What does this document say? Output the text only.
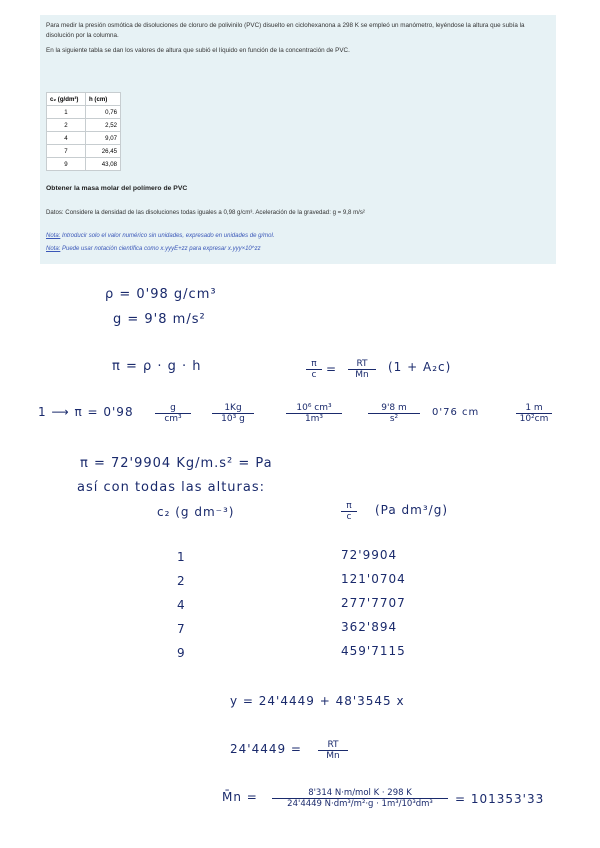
Para medir la presión osmótica de disoluciones de cloruro de polivinilo (PVC) disuelto en ciclohexanona a 298 K se empleó un manómetro, leyéndose la altura que subía la disolución por la columna.

En la siguiente tabla se dan los valores de altura que subió el líquido en función de la concentración de PVC.

c₂ (g/dm³)	h (cm)
1	0,76
2	2,52
4	9,07
7	26,45
9	43,08
Obtener la masa molar del polímero de PVC
Datos: Considere la densidad de las disoluciones todas iguales a 0,98 g/cm³. Aceleración de la gravedad: g = 9,8 m/s²
Nota: Introducir solo el valor numérico sin unidades, expresado en unidades de g/mol.
Nota: Puede usar notación científica como x.yyyE+zz para expresar x.yyy×10^zz
ρ = 0'98 g/cm³
g = 9'8 m/s²
π = ρ · g · h	$\frac{\pi}{c} = \frac{RT}{M̄n} (1 + A_2c)$
1 ⟶ $\pi = 0'98 \frac{g}{\text{cm³}} \frac{1Kg}{\text{10³ g}}$	$\frac{\text{10⁶ cm³}}{\text{1m³}}$	$\frac{9'8 m}{\text{s²}} 0'76$ cm	$\frac{1 m}{\text{10²cm}}$
π = 72'9904 Kg/m.s² = Pa
así con todas las alturas:
c₂ (g dm⁻³)	$\frac{\pi}{c} (Pa$ dm³/g)
1	72'9904
2	121'0704
4	277'7707
7	362'894
9	459'7115
y = 24'4449 + 48'3545 x
$24'4449 = \frac{RT}{M̄n}$
M̄n =	8'314 N·m/mol K · 298 K
24'4449 N·dm³/m²·g · 1m³/10³dm³	= 101353'33
